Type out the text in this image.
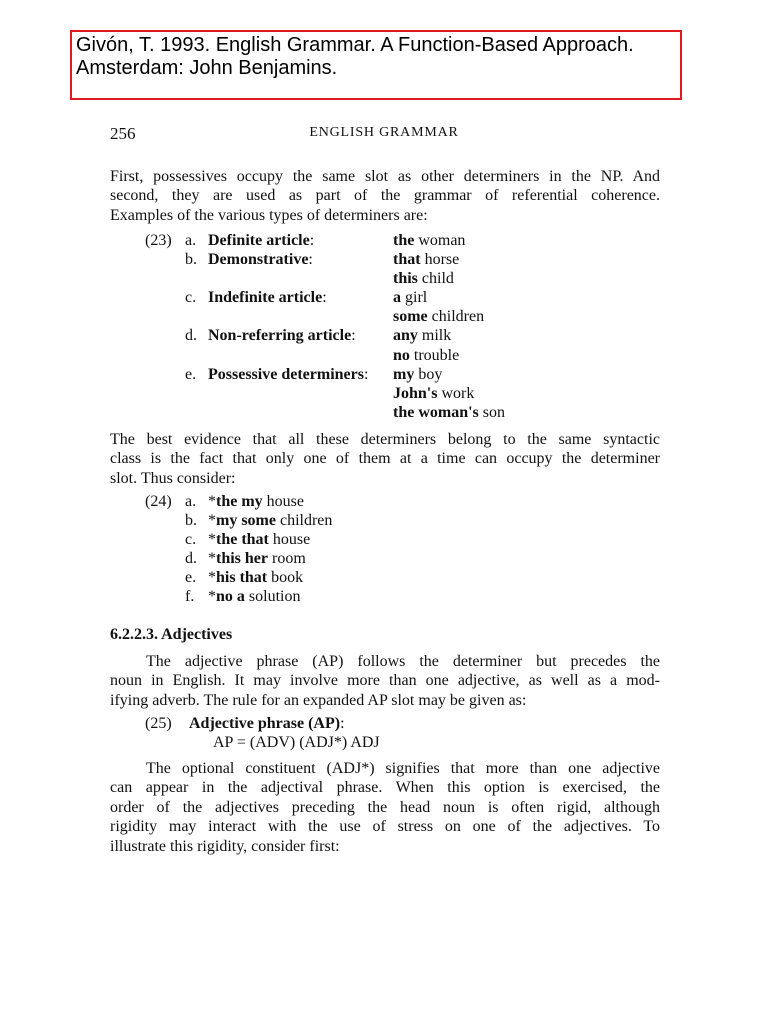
Givón, T. 1993. English Grammar. A Function-Based Approach.
Amsterdam: John Benjamins.
256	ENGLISH GRAMMAR
First, possessives occupy the same slot as other determiners in the NP. And
second, they are used as part of the grammar of referential coherence.
Examples of the various types of determiners are:
(23) a. Definite article:	the woman
b. Demonstrative:	that horse
this child
c. Indefinite article:	a girl
some children
d. Non-referring article: any milk
no trouble
e. Possessive determiners: my boy
John's work
the woman's son
The best evidence that all these determiners belong to the same syntactic
class is the fact that only one of them at a time can occupy the determiner
slot. Thus consider:
(24) a. *the my house
b. *my some children
c. *the that house
d. *this her room
e. *his that book
f. *no a solution
6.2.2.3. Adjectives
The adjective phrase (AP) follows the determiner but precedes the
noun in English. It may involve more than one adjective, as well as a mod-
ifying adverb. The rule for an expanded AP slot may be given as:
(25) Adjective phrase (AP):
AP = (ADV) (ADJ*) ADJ
The optional constituent (ADJ*) signifies that more than one adjective
can appear in the adjectival phrase. When this option is exercised, the
order of the adjectives preceding the head noun is often rigid, although
rigidity may interact with the use of stress on one of the adjectives. To
illustrate this rigidity, consider first:
